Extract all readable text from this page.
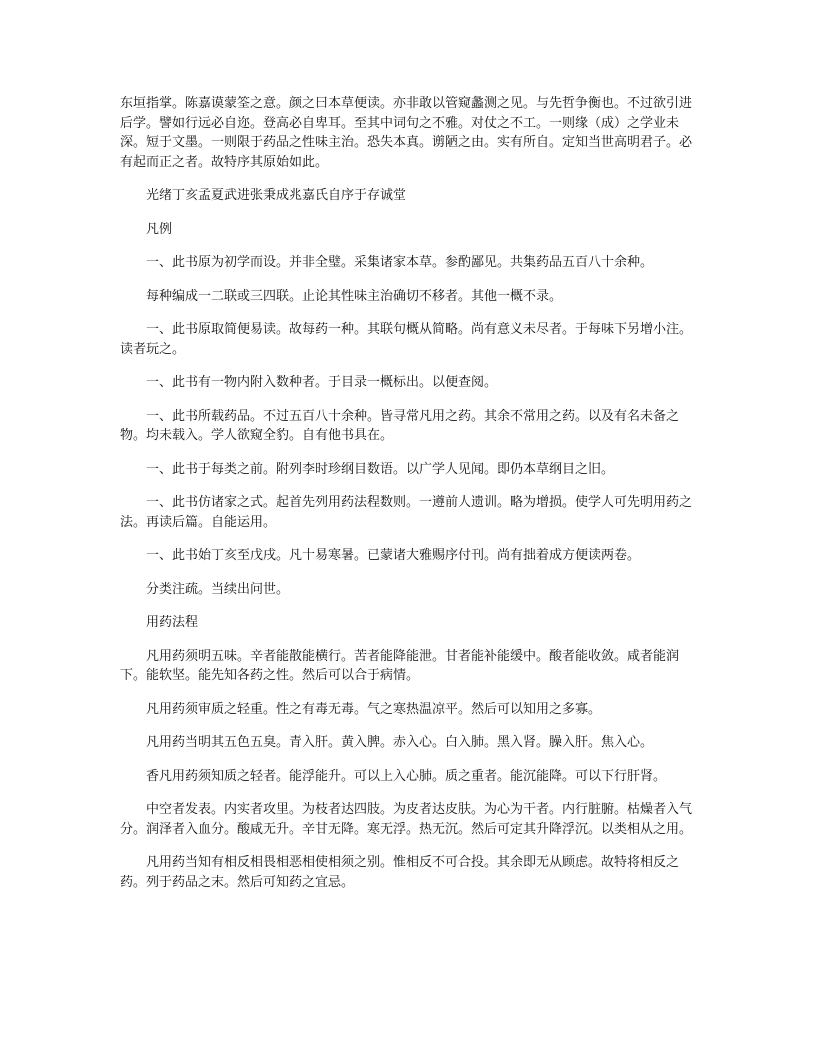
东垣指掌。陈嘉谟蒙筌之意。颜之曰本草便读。亦非敢以管窥蠡测之见。与先哲争衡也。不过欲引进后学。譬如行远必自迩。登高必自卑耳。至其中词句之不雅。对仗之不工。一则缘（成）之学业未深。短于文墨。一则限于药品之性味主治。恐失本真。谫陋之由。实有所自。定知当世高明君子。必有起而正之者。故特序其原始如此。

光绪丁亥孟夏武进张秉成兆嘉氏自序于存诚堂

凡例

一、此书原为初学而设。并非全璧。采集诸家本草。参酌鄙见。共集药品五百八十余种。

每种编成一二联或三四联。止论其性味主治确切不移者。其他一概不录。

一、此书原取简便易读。故每药一种。其联句概从简略。尚有意义未尽者。于每味下另增小注。读者玩之。

一、此书有一物内附入数种者。于目录一概标出。以便查阅。

一、此书所载药品。不过五百八十余种。皆寻常凡用之药。其余不常用之药。以及有名未备之物。均未载入。学人欲窥全豹。自有他书具在。

一、此书于每类之前。附列李时珍纲目数语。以广学人见闻。即仍本草纲目之旧。

一、此书仿诸家之式。起首先列用药法程数则。一遵前人遗训。略为增损。使学人可先明用药之法。再读后篇。自能运用。

一、此书始丁亥至戊戌。凡十易寒暑。已蒙诸大雅赐序付刊。尚有拙着成方便读两卷。

分类注疏。当续出问世。

用药法程

凡用药须明五味。辛者能散能横行。苦者能降能泄。甘者能补能缓中。酸者能收敛。咸者能润下。能软坚。能先知各药之性。然后可以合于病情。

凡用药须审质之轻重。性之有毒无毒。气之寒热温凉平。然后可以知用之多寡。

凡用药当明其五色五臭。青入肝。黄入脾。赤入心。白入肺。黑入肾。臊入肝。焦入心。

香凡用药须知质之轻者。能浮能升。可以上入心肺。质之重者。能沉能降。可以下行肝肾。

中空者发表。内实者攻里。为枝者达四肢。为皮者达皮肤。为心为干者。内行脏腑。枯燥者入气分。润泽者入血分。酸咸无升。辛甘无降。寒无浮。热无沉。然后可定其升降浮沉。以类相从之用。

凡用药当知有相反相畏相恶相使相须之别。惟相反不可合投。其余即无从顾虑。故特将相反之药。列于药品之末。然后可知药之宜忌。
